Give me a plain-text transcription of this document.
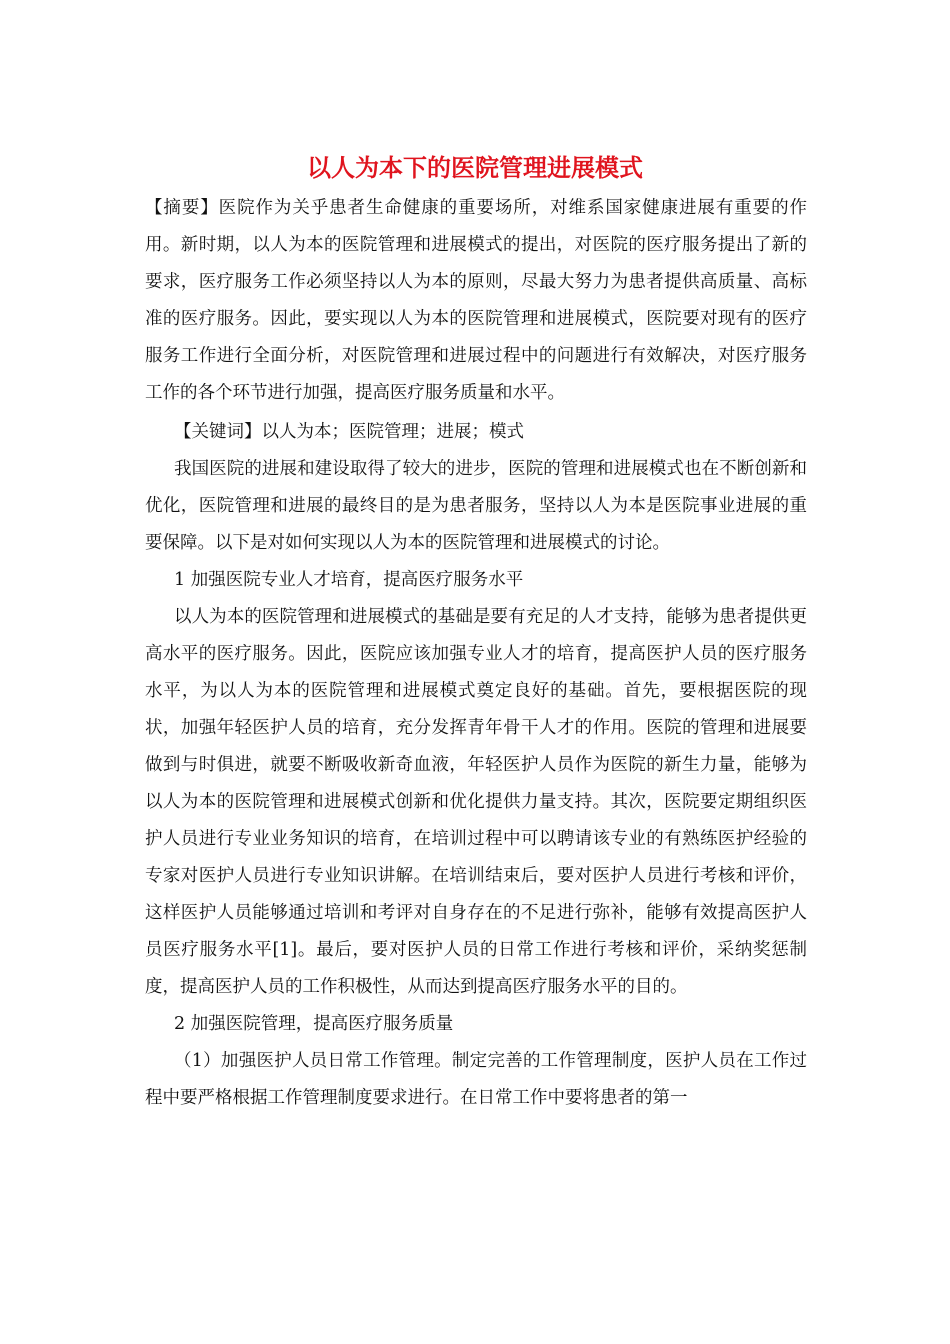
以人为本下的医院管理进展模式

【摘要】医院作为关乎患者生命健康的重要场所，对维系国家健康进展有重要的作用。新时期，以人为本的医院管理和进展模式的提出，对医院的医疗服务提出了新的要求，医疗服务工作必须坚持以人为本的原则，尽最大努力为患者提供高质量、高标准的医疗服务。因此，要实现以人为本的医院管理和进展模式，医院要对现有的医疗服务工作进行全面分析，对医院管理和进展过程中的问题进行有效解决，对医疗服务工作的各个环节进行加强，提高医疗服务质量和水平。

【关键词】以人为本；医院管理；进展；模式

我国医院的进展和建设取得了较大的进步，医院的管理和进展模式也在不断创新和优化，医院管理和进展的最终目的是为患者服务，坚持以人为本是医院事业进展的重要保障。以下是对如何实现以人为本的医院管理和进展模式的讨论。

1 加强医院专业人才培育，提高医疗服务水平

以人为本的医院管理和进展模式的基础是要有充足的人才支持，能够为患者提供更高水平的医疗服务。因此，医院应该加强专业人才的培育，提高医护人员的医疗服务水平，为以人为本的医院管理和进展模式奠定良好的基础。首先，要根据医院的现状，加强年轻医护人员的培育，充分发挥青年骨干人才的作用。医院的管理和进展要做到与时俱进，就要不断吸收新奇血液，年轻医护人员作为医院的新生力量，能够为以人为本的医院管理和进展模式创新和优化提供力量支持。其次，医院要定期组织医护人员进行专业业务知识的培育，在培训过程中可以聘请该专业的有熟练医护经验的专家对医护人员进行专业知识讲解。在培训结束后，要对医护人员进行考核和评价，这样医护人员能够通过培训和考评对自身存在的不足进行弥补，能够有效提高医护人员医疗服务水平[1]。最后，要对医护人员的日常工作进行考核和评价，采纳奖惩制度，提高医护人员的工作积极性，从而达到提高医疗服务水平的目的。

2 加强医院管理，提高医疗服务质量

（1）加强医护人员日常工作管理。制定完善的工作管理制度，医护人员在工作过程中要严格根据工作管理制度要求进行。在日常工作中要将患者的第一
